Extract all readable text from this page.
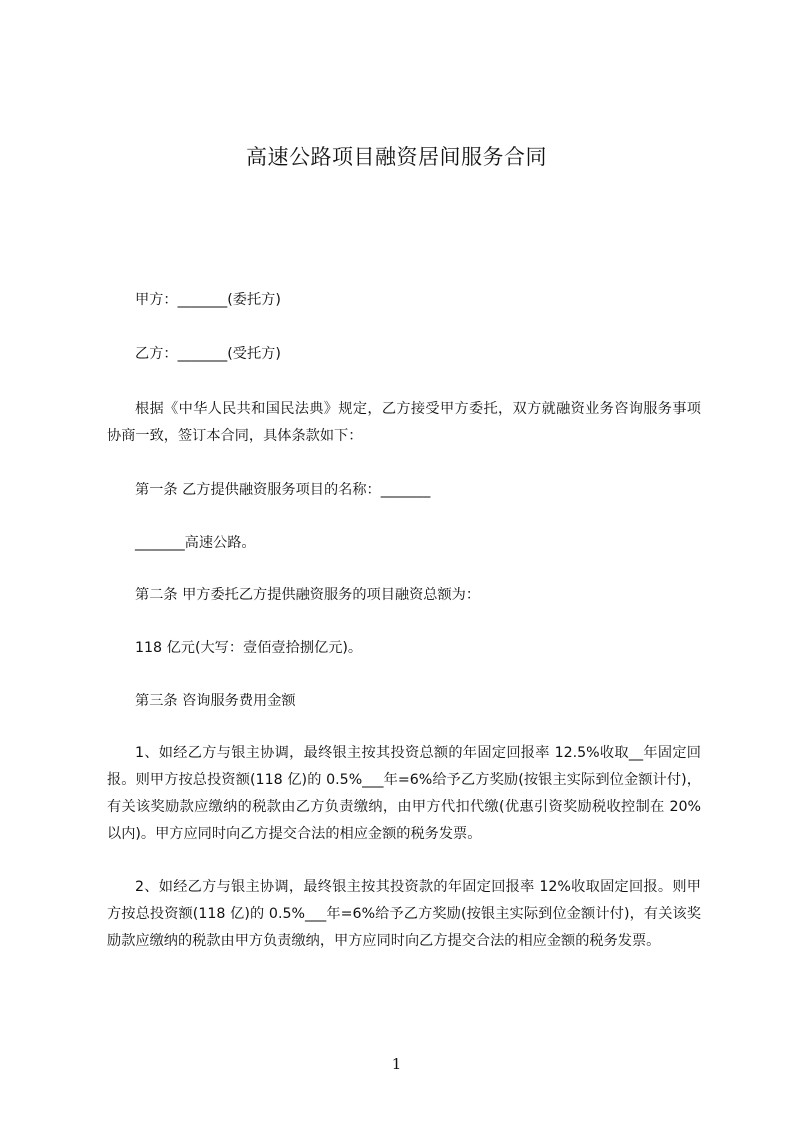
高速公路项目融资居间服务合同
甲方：_______(委托方)
乙方：_______(受托方)
根据《中华人民共和国民法典》规定，乙方接受甲方委托，双方就融资业务咨询服务事项协商一致，签订本合同，具体条款如下：
第一条 乙方提供融资服务项目的名称：_______
_______高速公路。
第二条 甲方委托乙方提供融资服务的项目融资总额为：
118 亿元(大写：壹佰壹拾捌亿元)。
第三条 咨询服务费用金额
1、如经乙方与银主协调，最终银主按其投资总额的年固定回报率 12.5%收取__年固定回报。则甲方按总投资额(118 亿)的 0.5%___年=6%给予乙方奖励(按银主实际到位金额计付)，有关该奖励款应缴纳的税款由乙方负责缴纳，由甲方代扣代缴(优惠引资奖励税收控制在 20%以内)。甲方应同时向乙方提交合法的相应金额的税务发票。
2、如经乙方与银主协调，最终银主按其投资款的年固定回报率 12%收取固定回报。则甲方按总投资额(118 亿)的 0.5%___年=6%给予乙方奖励(按银主实际到位金额计付)，有关该奖励款应缴纳的税款由甲方负责缴纳，甲方应同时向乙方提交合法的相应金额的税务发票。
1
